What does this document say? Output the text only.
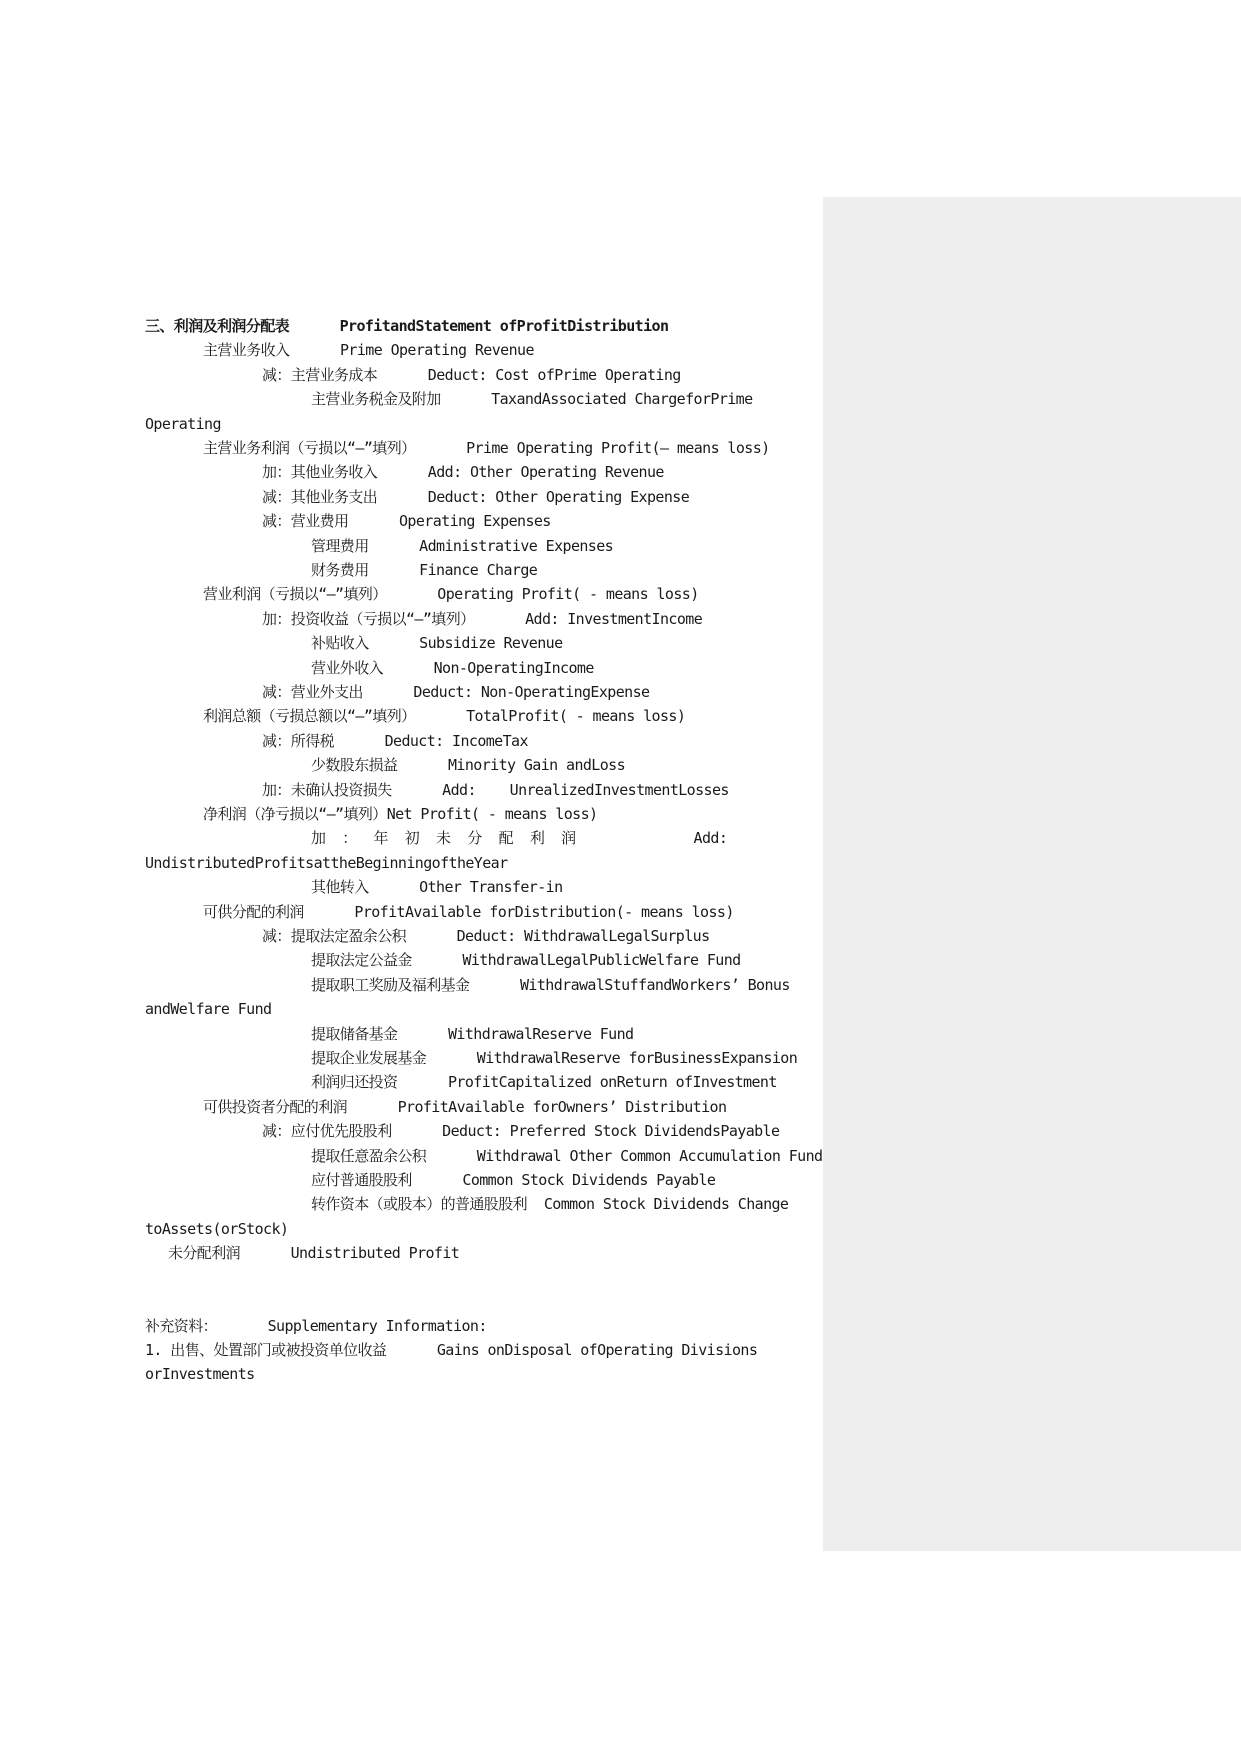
三、利润及利润分配表      ProfitandStatement ofProfitDistribution
主营业务收入      Prime Operating Revenue
减：主营业务成本      Deduct: Cost ofPrime Operating
主营业务税金及附加      TaxandAssociated ChargeforPrime
Operating
主营业务利润（亏损以“—”填列）      Prime Operating Profit(— means loss)
加：其他业务收入      Add: Other Operating Revenue
减：其他业务支出      Deduct: Other Operating Expense
减：营业费用      Operating Expenses
管理费用      Administrative Expenses
财务费用      Finance Charge
营业利润（亏损以“—”填列）      Operating Profit( - means loss)
加：投资收益（亏损以“—”填列）      Add: InvestmentIncome
补贴收入      Subsidize Revenue
营业外收入      Non-OperatingIncome
减：营业外支出      Deduct: Non-OperatingExpense
利润总额（亏损总额以“—”填列）      TotalProfit( - means loss)
减：所得税      Deduct: IncomeTax
少数股东损益      Minority Gain andLoss
加：未确认投资损失      Add:    UnrealizedInvestmentLosses
净利润（净亏损以“—”填列）Net Profit( - means loss)
加  ：  年  初  未  分  配  利  润              Add:
UndistributedProfitsattheBeginningoftheYear
其他转入      Other Transfer-in
可供分配的利润      ProfitAvailable forDistribution(- means loss)
减：提取法定盈余公积      Deduct: WithdrawalLegalSurplus
提取法定公益金      WithdrawalLegalPublicWelfare Fund
提取职工奖励及福利基金      WithdrawalStuffandWorkers’ Bonus
andWelfare Fund
提取储备基金      WithdrawalReserve Fund
提取企业发展基金      WithdrawalReserve forBusinessExpansion
利润归还投资      ProfitCapitalized onReturn ofInvestment
可供投资者分配的利润      ProfitAvailable forOwners’ Distribution
减：应付优先股股利      Deduct: Preferred Stock DividendsPayable
提取任意盈余公积      Withdrawal Other Common Accumulation Fund
应付普通股股利      Common Stock Dividends Payable
转作资本（或股本）的普通股股利  Common Stock Dividends Change
toAssets(orStock)
未分配利润      Undistributed Profit
补充资料：      Supplementary Information:
1. 出售、处置部门或被投资单位收益      Gains onDisposal ofOperating Divisions
orInvestments
